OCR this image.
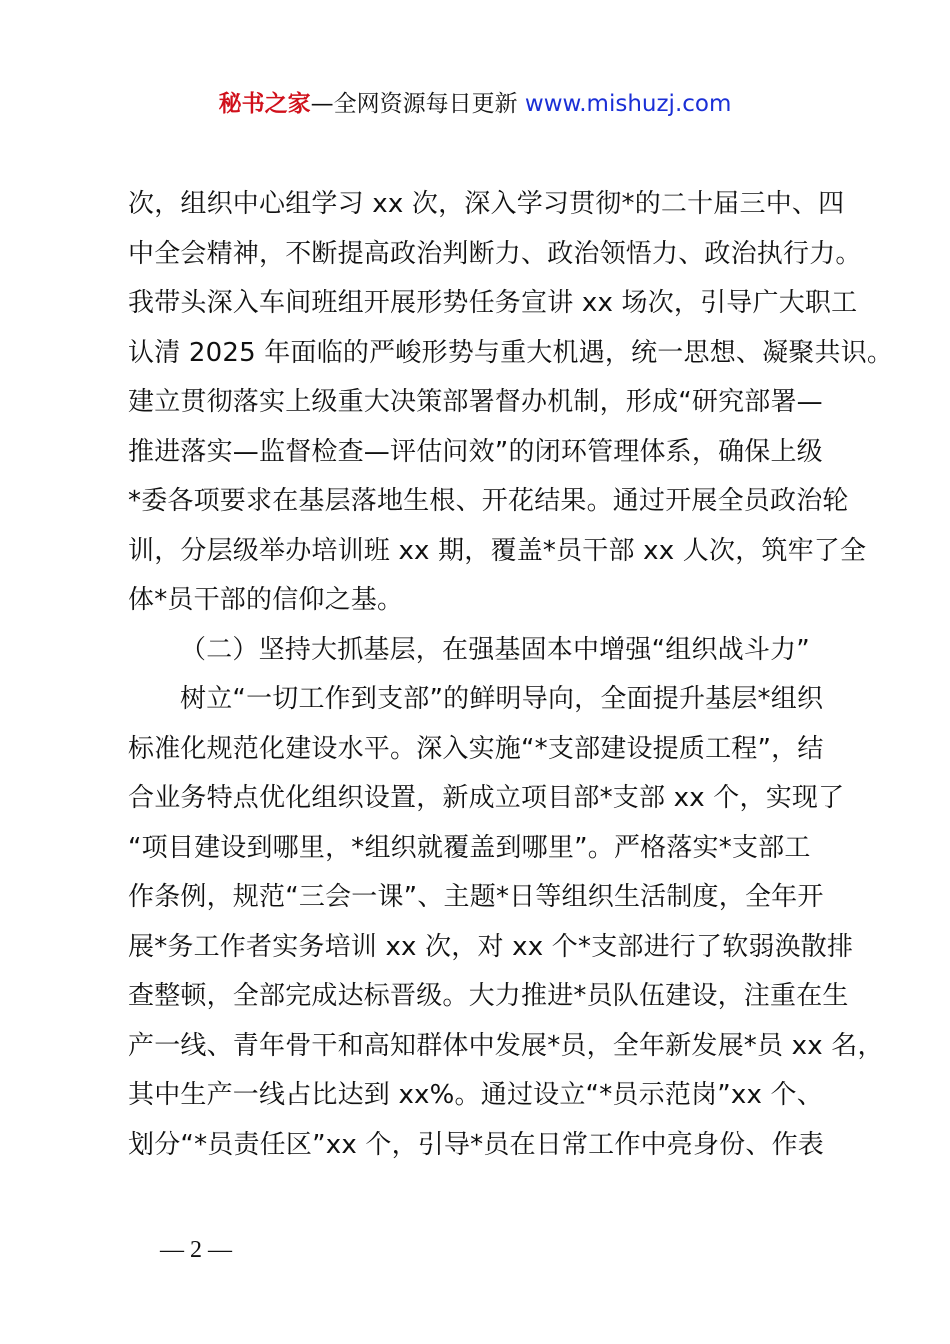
秘书之家—全网资源每日更新 www.mishuzj.com
次，组织中心组学习 xx 次，深入学习贯彻*的二十届三中、四
中全会精神，不断提高政治判断力、政治领悟力、政治执行力。
我带头深入车间班组开展形势任务宣讲 xx 场次，引导广大职工
认清 2025 年面临的严峻形势与重大机遇，统一思想、凝聚共识。
建立贯彻落实上级重大决策部署督办机制，形成“研究部署—
推进落实—监督检查—评估问效”的闭环管理体系，确保上级
*委各项要求在基层落地生根、开花结果。通过开展全员政治轮
训，分层级举办培训班 xx 期，覆盖*员干部 xx 人次，筑牢了全
体*员干部的信仰之基。
（二）坚持大抓基层，在强基固本中增强“组织战斗力”
树立“一切工作到支部”的鲜明导向，全面提升基层*组织
标准化规范化建设水平。深入实施“*支部建设提质工程”，结
合业务特点优化组织设置，新成立项目部*支部 xx 个，实现了
“项目建设到哪里，*组织就覆盖到哪里”。严格落实*支部工
作条例，规范“三会一课”、主题*日等组织生活制度，全年开
展*务工作者实务培训 xx 次，对 xx 个*支部进行了软弱涣散排
查整顿，全部完成达标晋级。大力推进*员队伍建设，注重在生
产一线、青年骨干和高知群体中发展*员，全年新发展*员 xx 名，
其中生产一线占比达到 xx%。通过设立“*员示范岗”xx 个、
划分“*员责任区”xx 个，引导*员在日常工作中亮身份、作表
— 2 —
